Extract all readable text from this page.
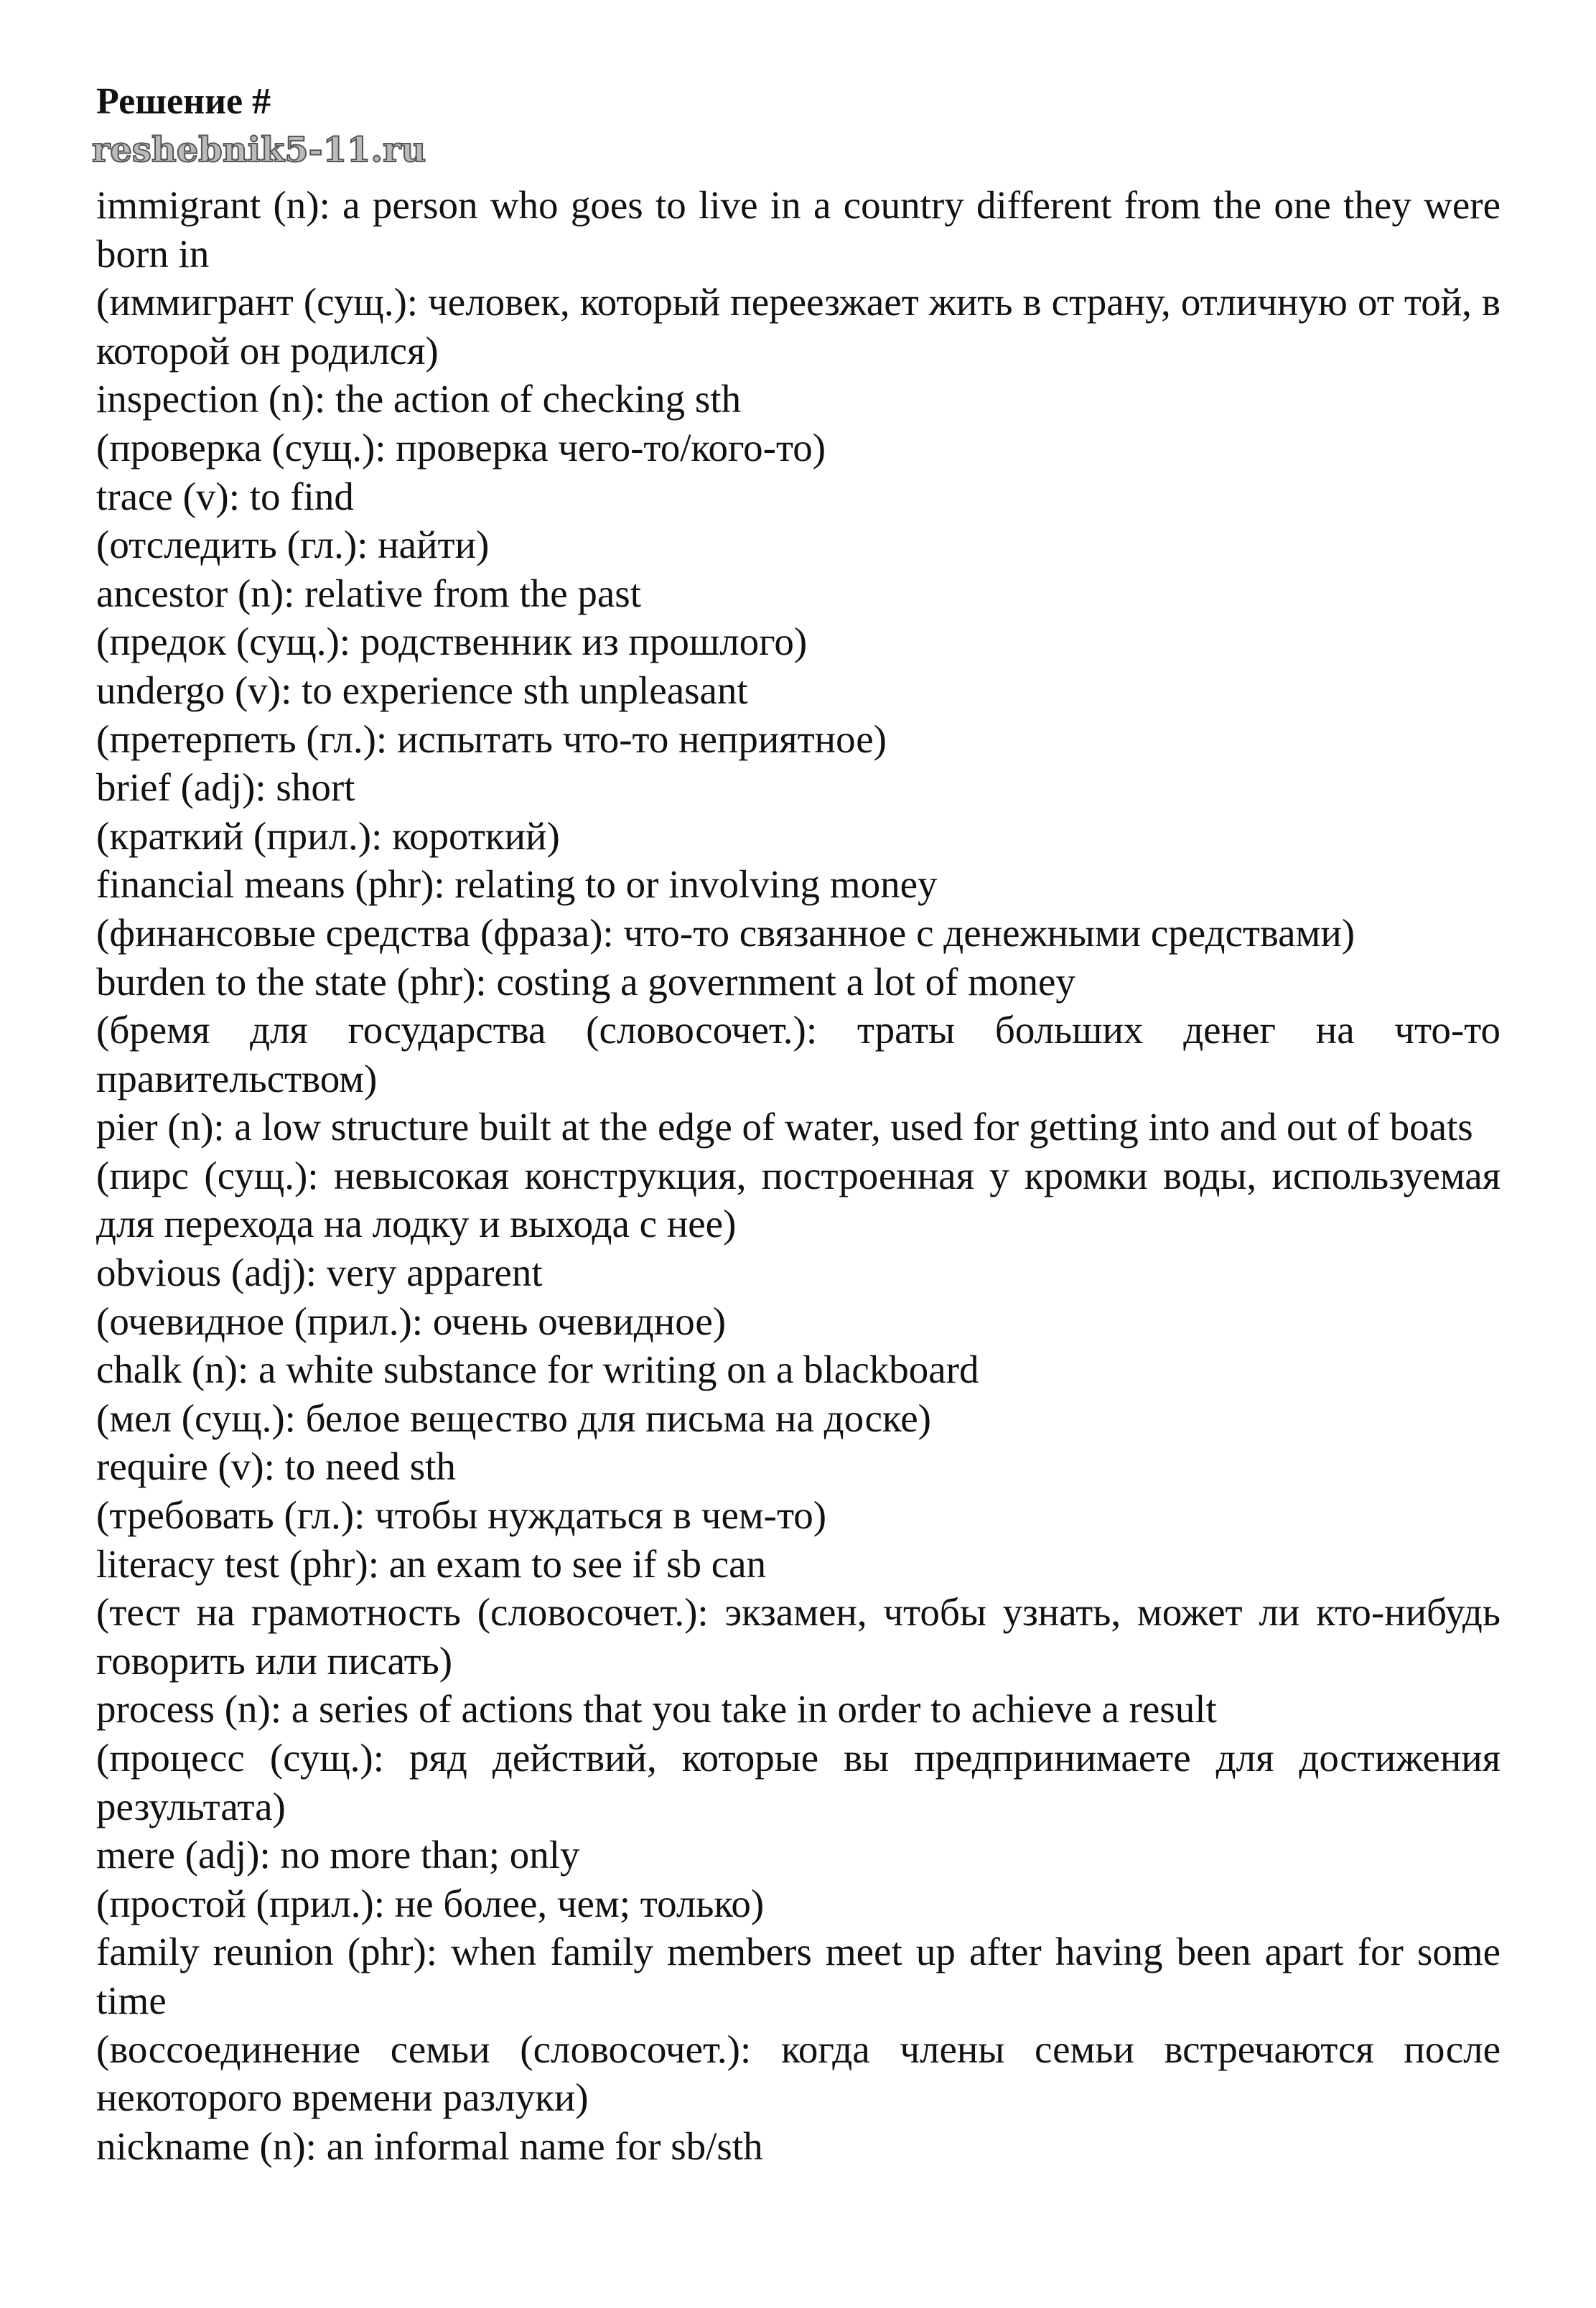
Решение #
reshebnik5-11.ru

immigrant (n): a person who goes to live in a country different from the one they were born in

(иммигрант (сущ.): человек, который переезжает жить в страну, отличную от той, в которой он родился)

inspection (n): the action of checking sth

(проверка (сущ.): проверка чего-то/кого-то)

trace (v): to find

(отследить (гл.): найти)

ancestor (n): relative from the past

(предок (сущ.): родственник из прошлого)

undergo (v): to experience sth unpleasant

(претерпеть (гл.): испытать что-то неприятное)

brief (adj): short

(краткий (прил.): короткий)

financial means (phr): relating to or involving money

(финансовые средства (фраза): что-то связанное с денежными средствами)

burden to the state (phr): costing a government a lot of money

(бремя для государства (словосочет.): траты больших денег на что-то правительством)

pier (n): a low structure built at the edge of water, used for getting into and out of boats

(пирс (сущ.): невысокая конструкция, построенная у кромки воды, используемая для перехода на лодку и выхода с нее)

obvious (adj): very apparent

(очевидное (прил.): очень очевидное)

chalk (n): a white substance for writing on a blackboard

(мел (сущ.): белое вещество для письма на доске)

require (v): to need sth

(требовать (гл.): чтобы нуждаться в чем-то)

literacy test (phr): an exam to see if sb can

(тест на грамотность (словосочет.): экзамен, чтобы узнать, может ли кто-нибудь говорить или писать)

process (n): a series of actions that you take in order to achieve a result

(процесс (сущ.): ряд действий, которые вы предпринимаете для достижения результата)

mere (adj): no more than; only

(простой (прил.): не более, чем; только)

family reunion (phr): when family members meet up after having been apart for some time

(воссоединение семьи (словосочет.): когда члены семьи встречаются после некоторого времени разлуки)

nickname (n): an informal name for sb/sth
